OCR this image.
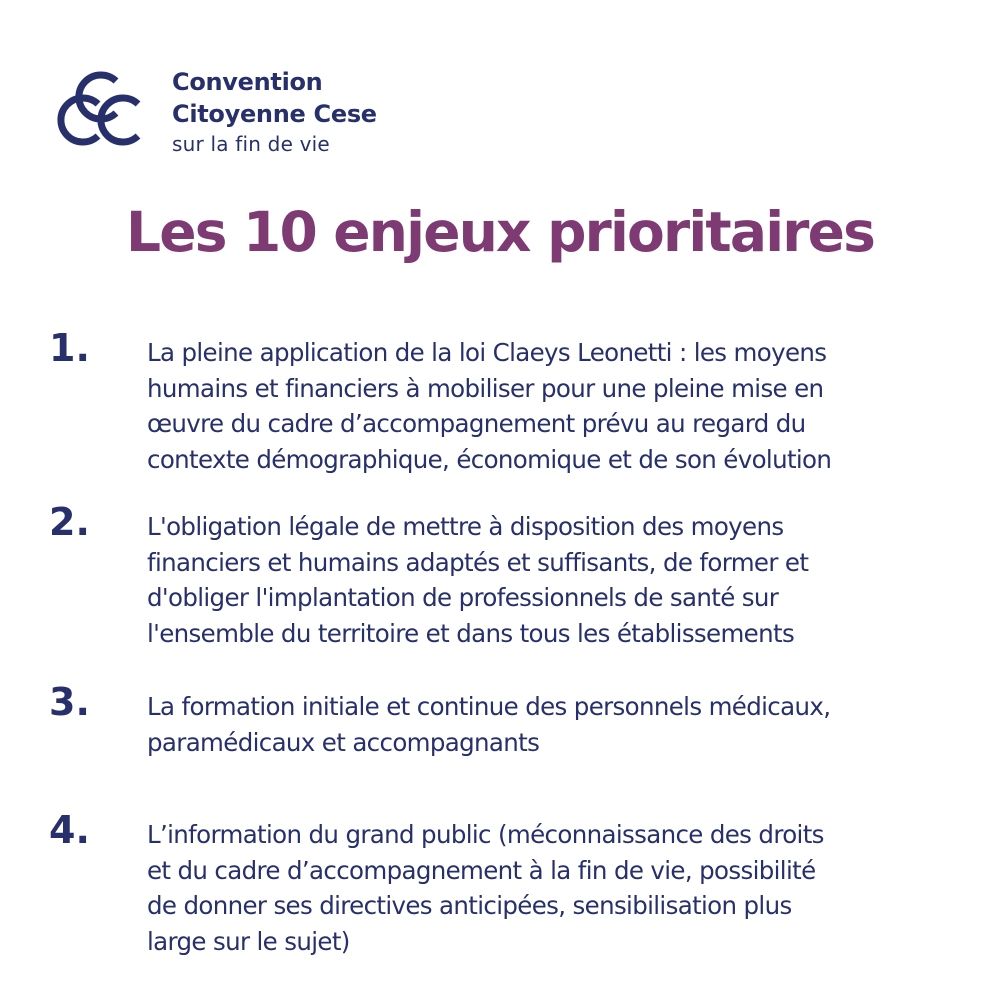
Convention
Citoyenne Cese
sur la fin de vie
Les 10 enjeux prioritaires
1. La pleine application de la loi Claeys Leonetti : les moyens
humains et financiers à mobiliser pour une pleine mise en
œuvre du cadre d’accompagnement prévu au regard du
contexte démographique, économique et de son évolution

2. L'obligation légale de mettre à disposition des moyens
financiers et humains adaptés et suffisants, de former et
d'obliger l'implantation de professionnels de santé sur
l'ensemble du territoire et dans tous les établissements

3. La formation initiale et continue des personnels médicaux,
paramédicaux et accompagnants

4. L’information du grand public (méconnaissance des droits
et du cadre d’accompagnement à la fin de vie, possibilité
de donner ses directives anticipées, sensibilisation plus
large sur le sujet)
